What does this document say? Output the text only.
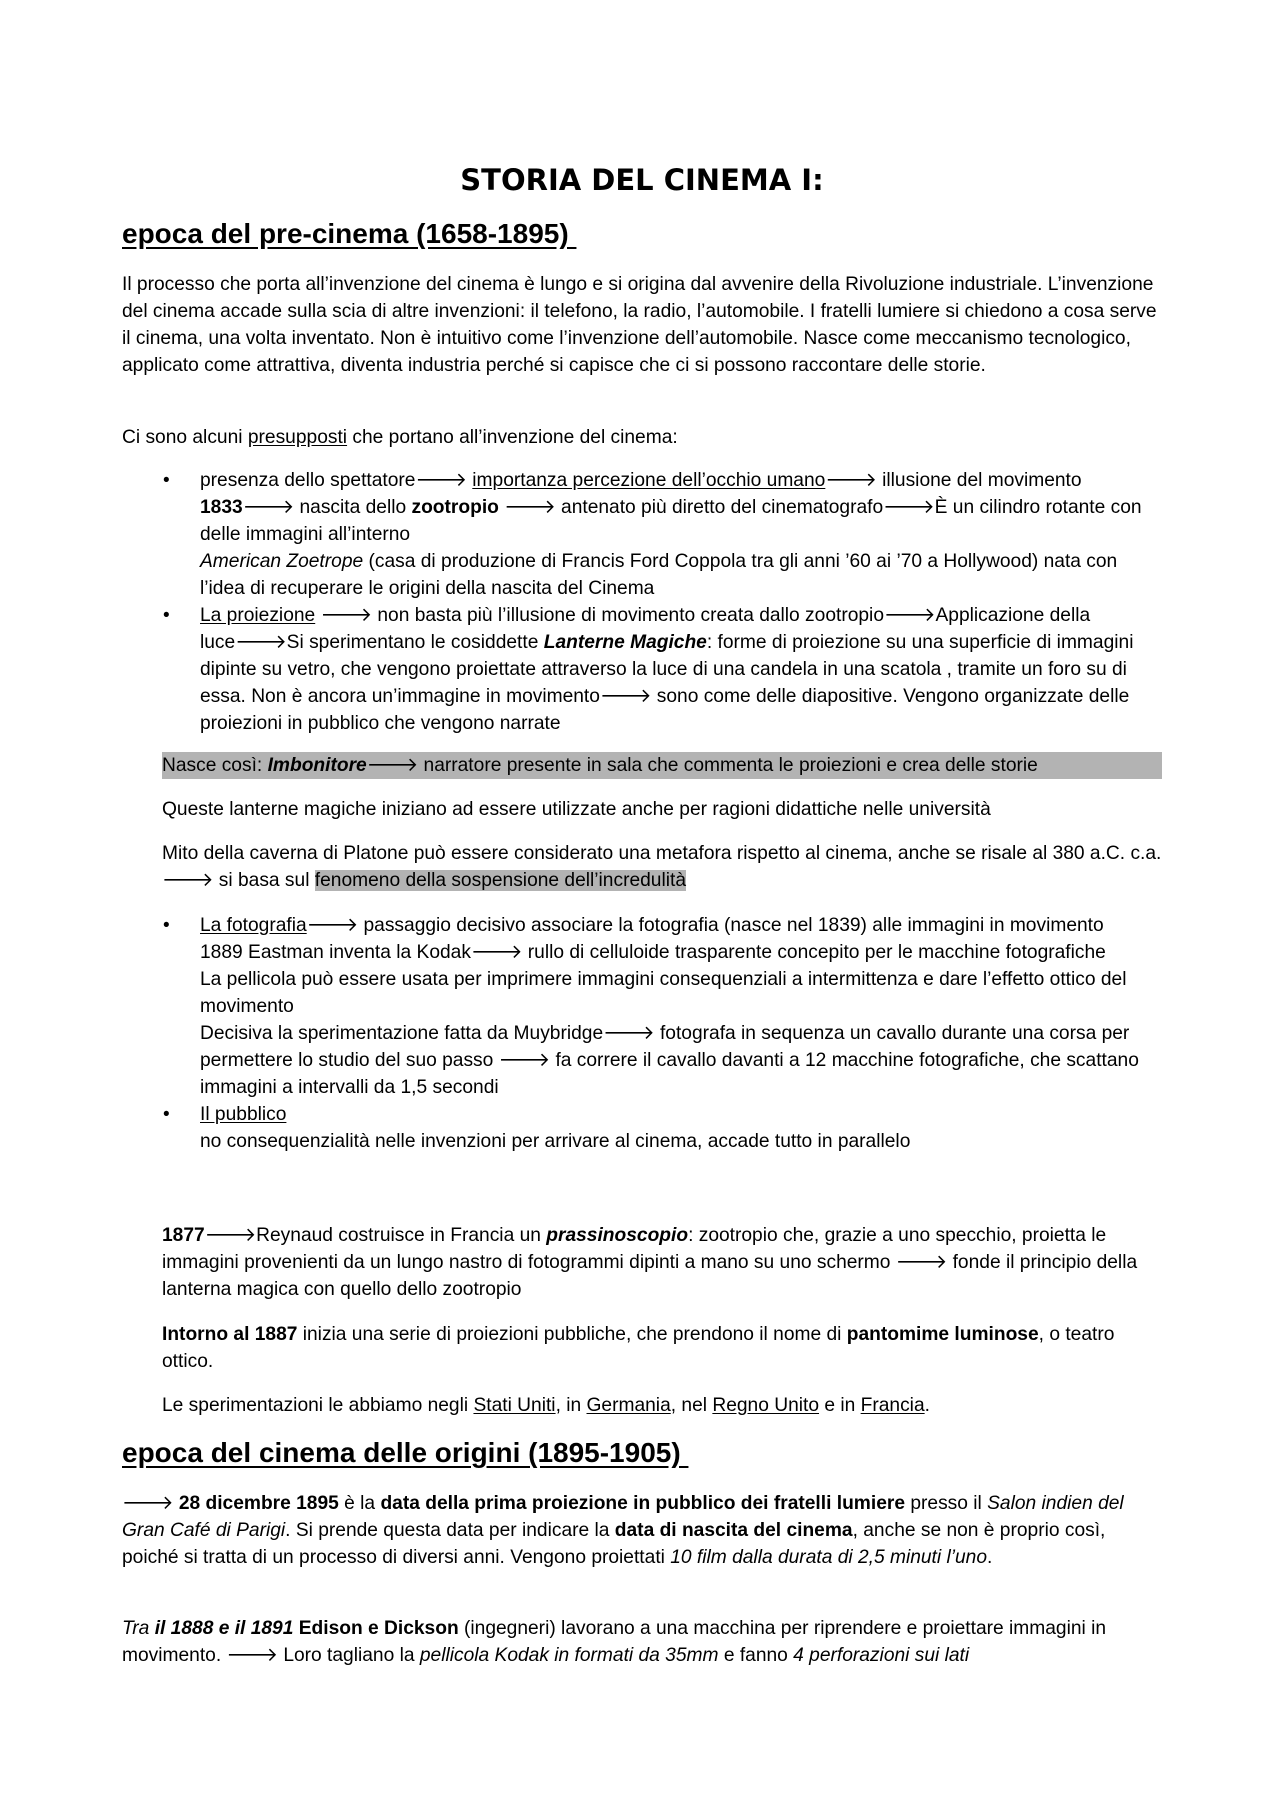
STORIA DEL CINEMA I:
epoca del pre-cinema (1658-1895)

Il processo che porta all’invenzione del cinema è lungo e si origina dal avvenire della Rivoluzione industriale. L’invenzione del cinema accade sulla scia di altre invenzioni: il telefono, la radio, l’automobile. I fratelli lumiere si chiedono a cosa serve il cinema, una volta inventato. Non è intuitivo come l’invenzione dell’automobile. Nasce come meccanismo tecnologico, applicato come attrattiva, diventa industria perché si capisce che ci si possono raccontare delle storie.

Ci sono alcuni presupposti che portano all’invenzione del cinema:

• presenza dello spettatore🡒 importanza percezione dell’occhio umano🡒 illusione del movimento
1833🡒 nascita dello zootropio 🡒 antenato più diretto del cinematografo🡒È un cilindro rotante con delle immagini all’interno
American Zoetrope (casa di produzione di Francis Ford Coppola tra gli anni ’60 ai ’70 a Hollywood) nata con l’idea di recuperare le origini della nascita del Cinema
• La proiezione 🡒 non basta più l’illusione di movimento creata dallo zootropio🡒Applicazione della luce🡒Si sperimentano le cosiddette Lanterne Magiche: forme di proiezione su una superficie di immagini dipinte su vetro, che vengono proiettate attraverso la luce di una candela in una scatola , tramite un foro su di essa. Non è ancora un’immagine in movimento🡒 sono come delle diapositive. Vengono organizzate delle proiezioni in pubblico che vengono narrate

Nasce così: Imbonitore🡒 narratore presente in sala che commenta le proiezioni e crea delle storie

Queste lanterne magiche iniziano ad essere utilizzate anche per ragioni didattiche nelle università

Mito della caverna di Platone può essere considerato una metafora rispetto al cinema, anche se risale al 380 a.C. c.a. 🡒 si basa sul fenomeno della sospensione dell’incredulità

• La fotografia🡒 passaggio decisivo associare la fotografia (nasce nel 1839) alle immagini in movimento
1889 Eastman inventa la Kodak🡒 rullo di celluloide trasparente concepito per le macchine fotografiche
La pellicola può essere usata per imprimere immagini consequenziali a intermittenza e dare l’effetto ottico del movimento
Decisiva la sperimentazione fatta da Muybridge🡒 fotografa in sequenza un cavallo durante una corsa per permettere lo studio del suo passo 🡒 fa correre il cavallo davanti a 12 macchine fotografiche, che scattano immagini a intervalli da 1,5 secondi
• Il pubblico
no consequenzialità nelle invenzioni per arrivare al cinema, accade tutto in parallelo

1877🡒Reynaud costruisce in Francia un prassinoscopio: zootropio che, grazie a uno specchio, proietta le immagini provenienti da un lungo nastro di fotogrammi dipinti a mano su uno schermo 🡒 fonde il principio della lanterna magica con quello dello zootropio

Intorno al 1887 inizia una serie di proiezioni pubbliche, che prendono il nome di pantomime luminose, o teatro ottico.

Le sperimentazioni le abbiamo negli Stati Uniti, in Germania, nel Regno Unito e in Francia.

epoca del cinema delle origini (1895-1905)

🡒 28 dicembre 1895 è la data della prima proiezione in pubblico dei fratelli lumiere presso il Salon indien del Gran Café di Parigi. Si prende questa data per indicare la data di nascita del cinema, anche se non è proprio così, poiché si tratta di un processo di diversi anni. Vengono proiettati 10 film dalla durata di 2,5 minuti l’uno.

Tra il 1888 e il 1891 Edison e Dickson (ingegneri) lavorano a una macchina per riprendere e proiettare immagini in movimento. 🡒 Loro tagliano la pellicola Kodak in formati da 35mm e fanno 4 perforazioni sui lati
